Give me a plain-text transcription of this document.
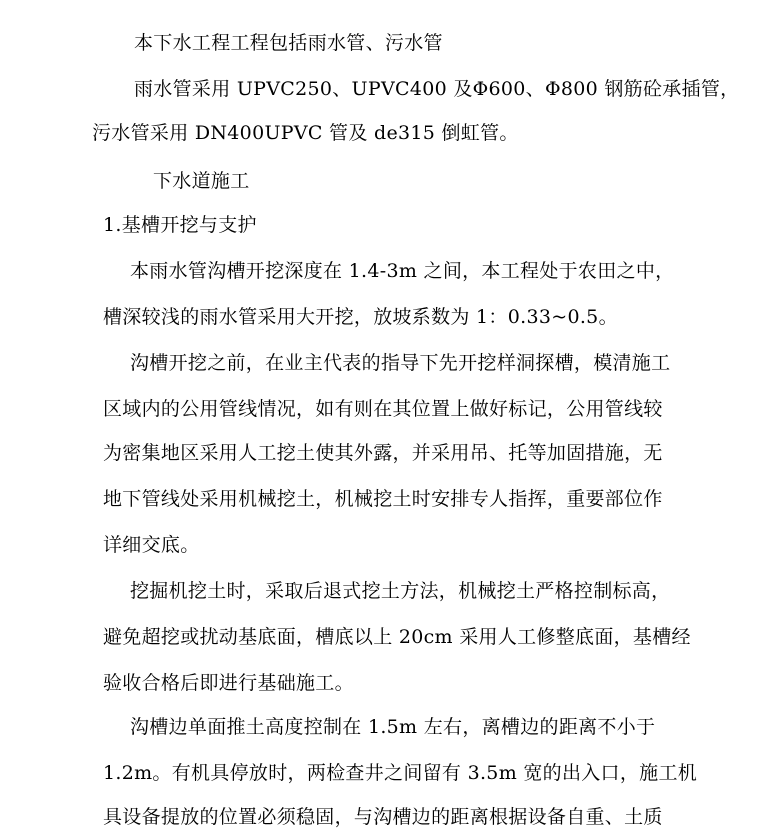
本下水工程工程包括雨水管、污水管
雨水管采用 UPVC250、UPVC400 及Φ600、Φ800 钢筋砼承插管，
污水管采用 DN400UPVC 管及 de315 倒虹管。
下水道施工
1.基槽开挖与支护
本雨水管沟槽开挖深度在 1.4-3m 之间，本工程处于农田之中，
槽深较浅的雨水管采用大开挖，放坡系数为 1：0.33~0.5。
沟槽开挖之前，在业主代表的指导下先开挖样洞探槽，模清施工
区域内的公用管线情况，如有则在其位置上做好标记，公用管线较
为密集地区采用人工挖土使其外露，并采用吊、托等加固措施，无
地下管线处采用机械挖土，机械挖土时安排专人指挥，重要部位作
详细交底。
挖掘机挖土时，采取后退式挖土方法，机械挖土严格控制标高，
避免超挖或扰动基底面，槽底以上 20cm 采用人工修整底面，基槽经
验收合格后即进行基础施工。
沟槽边单面推土高度控制在 1.5m 左右，离槽边的距离不小于
1.2m。有机具停放时，两检查井之间留有 3.5m 宽的出入口，施工机
具设备提放的位置必须稳固，与沟槽边的距离根据设备自重、土质
